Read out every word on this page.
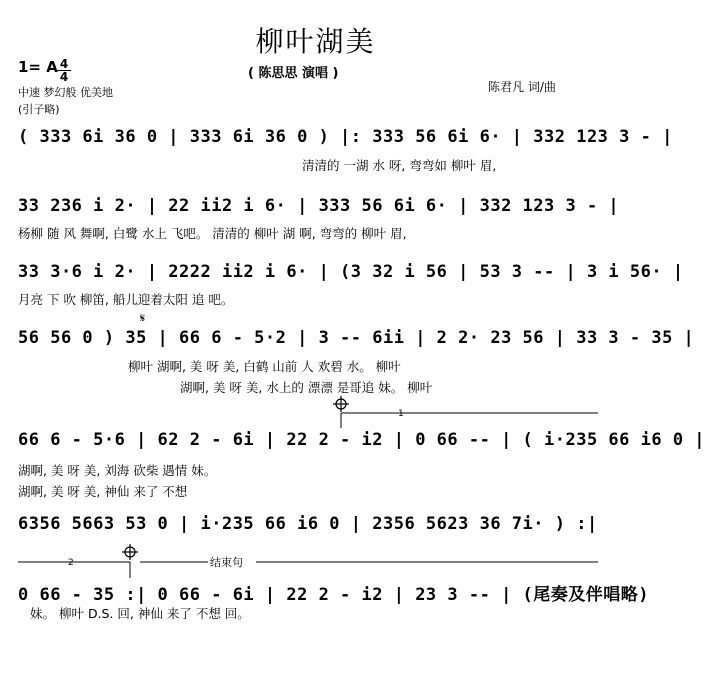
柳叶湖美
( 陈思思 演唱 )
1= A 4
4
中速 梦幻般 优美地
(引子略)
陈君凡 词/曲
( 333 6i 36 0 | 333 6i 36 0 ) |: 333 56 6i 6· | 332 123 3 - |
清清的 一湖 水 呀, 弯弯如 柳叶 眉,
33 236 i 2· | 22 ii2 i 6· | 333 56 6i 6· | 332 123 3 - |
杨柳 随 风 舞啊, 白鹭 水上 飞吧。 清清的 柳叶 湖 啊, 弯弯的 柳叶 眉,
33 3·6 i 2· | 2222 ii2 i 6· | (3 32 i 56 | 53 3 -- | 3 i 56· |
月亮 下 吹 柳笛, 船儿迎着太阳 追 吧。
56 56 0 ) 35 | 66 6 - 5·2 | 3 -- 6ii | 2 2· 23 56 | 33 3 - 35 |
柳叶 湖啊, 美 呀 美, 白鹤 山前 人 欢碧 水。 柳叶
湖啊, 美 呀 美, 水上的 漂漂 是哥追 妹。 柳叶
66 6 - 5·6 | 62 2 - 6i | 22 2 - i2 | 0 66 -- | ( i·235 66 i6 0 |
湖啊, 美 呀 美, 刘海 砍柴 遇情 妹。
湖啊, 美 呀 美, 神仙 来了 不想
6356 5663 53 0 | i·235 66 i6 0 | 2356 5623 36 7i· ) :|
0 66 - 35 :| 0 66 - 6i | 22 2 - i2 | 23 3 -- | (尾奏及伴唱略)
妹。 柳叶 D.S. 回, 神仙 来了 不想 回。
𝄋
1
2	结束句
